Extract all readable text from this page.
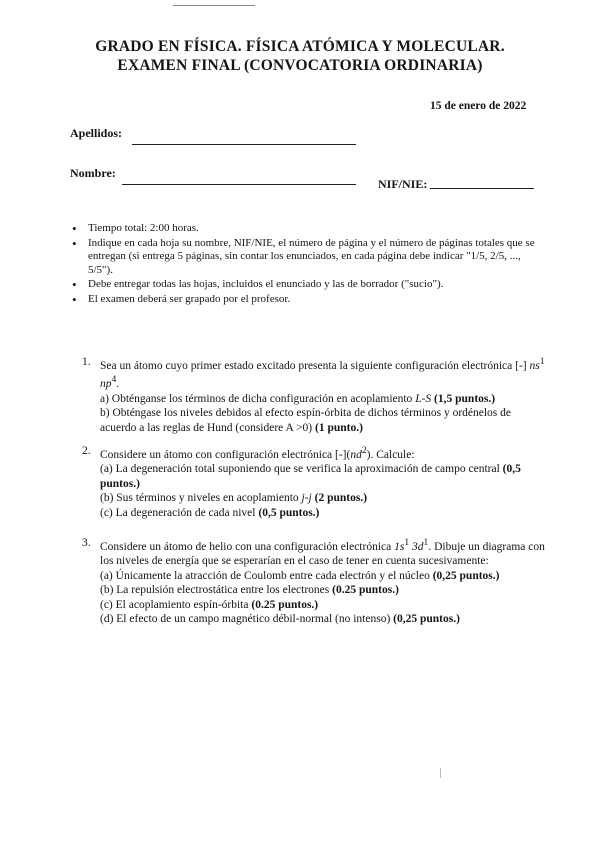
GRADO EN FÍSICA. FÍSICA ATÓMICA Y MOLECULAR.
EXAMEN FINAL (CONVOCATORIA ORDINARIA)
15 de enero de 2022
Apellidos:
Nombre:
NIF/NIE:
• Tiempo total: 2:00 horas.
• Indique en cada hoja su nombre, NIF/NIE, el número de página y el número de páginas totales que se entregan (si entrega 5 páginas, sin contar los enunciados, en cada página debe indicar "1/5, 2/5, ..., 5/5").
• Debe entregar todas las hojas, incluidos el enunciado y las de borrador ("sucio").
• El examen deberá ser grapado por el profesor.
1. Sea un átomo cuyo primer estado excitado presenta la siguiente configuración electrónica [-] $ns^1$ $np^4$.
a) Obténganse los términos de dicha configuración en acoplamiento L-S (1,5 puntos.)
b) Obténgase los niveles debidos al efecto espín-órbita de dichos términos y ordénelos de acuerdo a las reglas de Hund (considere A >0) (1 punto.)
2. Considere un átomo con configuración electrónica $[-](nd^2)$. Calcule:
(a) La degeneración total suponiendo que se verifica la aproximación de campo central (0,5 puntos.)
(b) Sus términos y niveles en acoplamiento j-j (2 puntos.)
(c) La degeneración de cada nivel (0,5 puntos.)
3. Considere un átomo de helio con una configuración electrónica $1s^1$ $3d^1$. Dibuje un diagrama con los niveles de energía que se esperarían en el caso de tener en cuenta sucesivamente:
(a) Únicamente la atracción de Coulomb entre cada electrón y el núcleo (0,25 puntos.)
(b) La repulsión electrostática entre los electrones (0.25 puntos.)
(c) El acoplamiento espín-órbita (0.25 puntos.)
(d) El efecto de un campo magnético débil-normal (no intenso) (0,25 puntos.)
